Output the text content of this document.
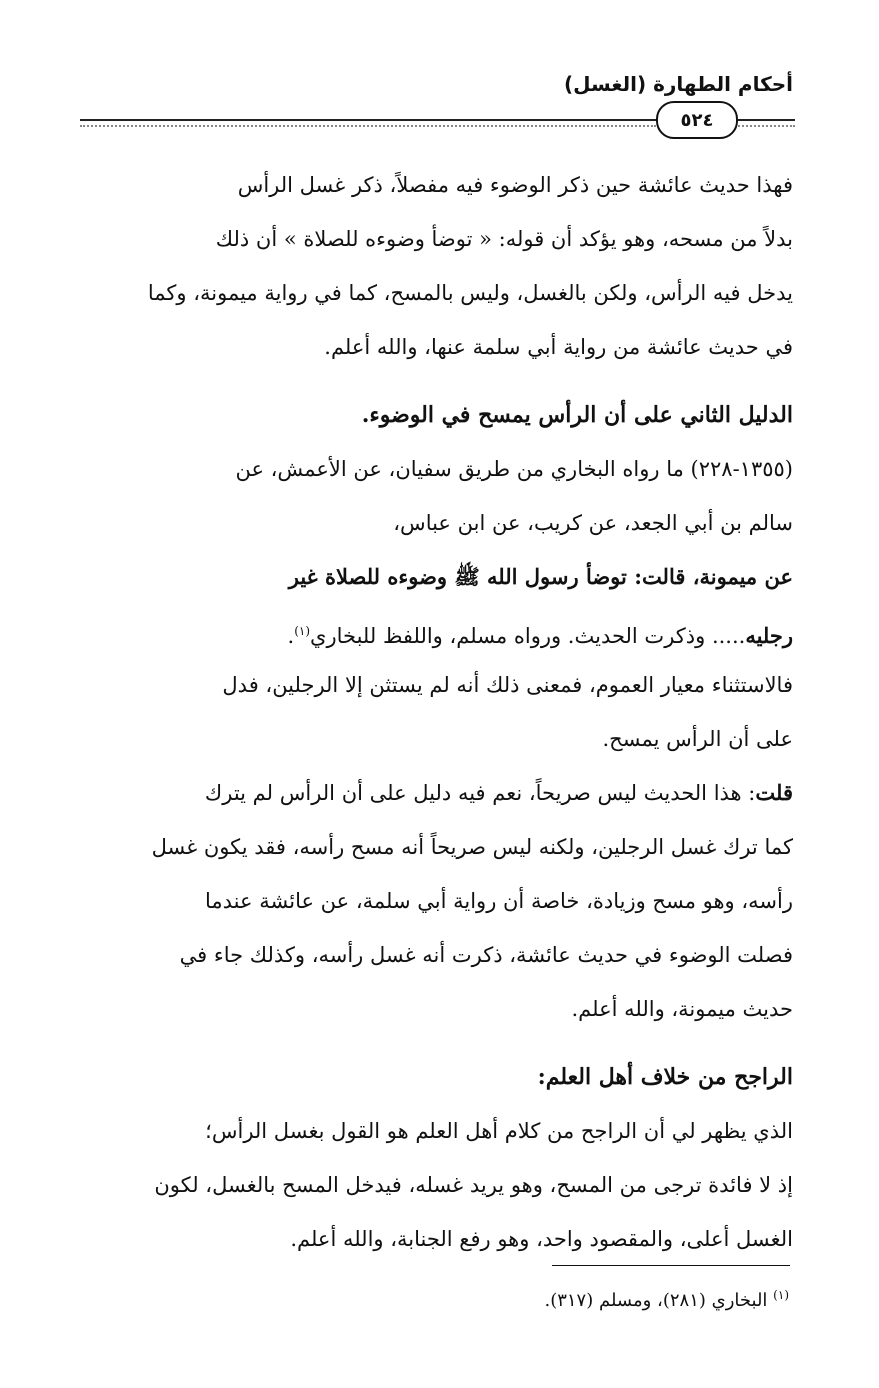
أحكام الطهارة (الغسل)
٥٢٤
فهذا حديث عائشة حين ذكر الوضوء فيه مفصلاً، ذكر غسل الرأس
بدلاً من مسحه، وهو يؤكد أن قوله: « توضأ وضوءه للصلاة » أن ذلك
يدخل فيه الرأس، ولكن بالغسل، وليس بالمسح، كما في رواية ميمونة، وكما
في حديث عائشة من رواية أبي سلمة عنها، والله أعلم.
الدليل الثاني على أن الرأس يمسح في الوضوء.
(١٣٥٥-٢٢٨) ما رواه البخاري من طريق سفيان، عن الأعمش، عن
سالم بن أبي الجعد، عن كريب، عن ابن عباس،
عن ميمونة، قالت: توضأ رسول الله ﷺ وضوءه للصلاة غير
رجليه..... وذكرت الحديث. ورواه مسلم، واللفظ للبخاري$^{(١)}$.
فالاستثناء معيار العموم، فمعنى ذلك أنه لم يستثن إلا الرجلين، فدل
على أن الرأس يمسح.
قلت: هذا الحديث ليس صريحاً، نعم فيه دليل على أن الرأس لم يترك
كما ترك غسل الرجلين، ولكنه ليس صريحاً أنه مسح رأسه، فقد يكون غسل
رأسه، وهو مسح وزيادة، خاصة أن رواية أبي سلمة، عن عائشة عندما
فصلت الوضوء في حديث عائشة، ذكرت أنه غسل رأسه، وكذلك جاء في
حديث ميمونة، والله أعلم.
الراجح من خلاف أهل العلم:
الذي يظهر لي أن الراجح من كلام أهل العلم هو القول بغسل الرأس؛
إذ لا فائدة ترجى من المسح، وهو يريد غسله، فيدخل المسح بالغسل، لكون
الغسل أعلى، والمقصود واحد، وهو رفع الجنابة، والله أعلم.
$^{(١)}$ البخاري (٢٨١)، ومسلم (٣١٧).
